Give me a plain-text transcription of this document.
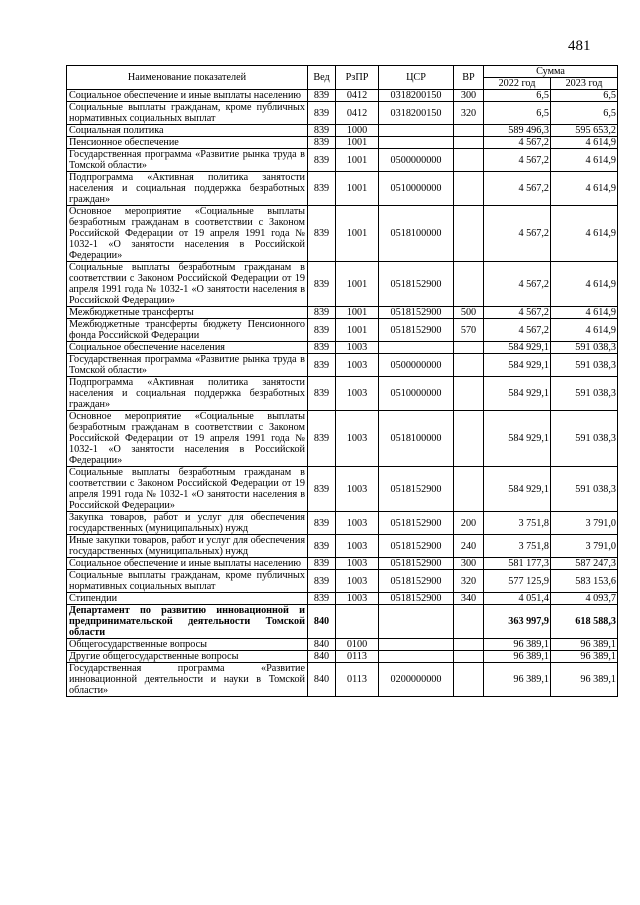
481
Наименование показателей	Вед	РзПР	ЦСР	ВР	Сумма	
					2022 год	2023 год
Социальное обеспечение и иные выплаты населению	839	0412	0318200150	300	6,5	6,5
Социальные выплаты гражданам, кроме публичных нормативных социальных выплат	839	0412	0318200150	320	6,5	6,5
Социальная политика	839	1000			589 496,3	595 653,2
Пенсионное обеспечение	839	1001			4 567,2	4 614,9
Государственная программа «Развитие рынка труда в Томской области»	839	1001	0500000000		4 567,2	4 614,9
Подпрограмма «Активная политика занятости населения и социальная поддержка безработных граждан»	839	1001	0510000000		4 567,2	4 614,9
Основное мероприятие «Социальные выплаты безработным гражданам в соответствии с Законом Российской Федерации от 19 апреля 1991 года № 1032-1 «О занятости населения в Российской Федерации»	839	1001	0518100000		4 567,2	4 614,9
Социальные выплаты безработным гражданам в соответствии с Законом Российской Федерации от 19 апреля 1991 года № 1032-1 «О занятости населения в Российской Федерации»	839	1001	0518152900		4 567,2	4 614,9
Межбюджетные трансферты	839	1001	0518152900	500	4 567,2	4 614,9
Межбюджетные трансферты бюджету Пенсионного фонда Российской Федерации	839	1001	0518152900	570	4 567,2	4 614,9
Социальное обеспечение населения	839	1003			584 929,1	591 038,3
Государственная программа «Развитие рынка труда в Томской области»	839	1003	0500000000		584 929,1	591 038,3
Подпрограмма «Активная политика занятости населения и социальная поддержка безработных граждан»	839	1003	0510000000		584 929,1	591 038,3
Основное мероприятие «Социальные выплаты безработным гражданам в соответствии с Законом Российской Федерации от 19 апреля 1991 года № 1032-1 «О занятости населения в Российской Федерации»	839	1003	0518100000		584 929,1	591 038,3
Социальные выплаты безработным гражданам в соответствии с Законом Российской Федерации от 19 апреля 1991 года № 1032-1 «О занятости населения в Российской Федерации»	839	1003	0518152900		584 929,1	591 038,3
Закупка товаров, работ и услуг для обеспечения государственных (муниципальных) нужд	839	1003	0518152900	200	3 751,8	3 791,0
Иные закупки товаров, работ и услуг для обеспечения государственных (муниципальных) нужд	839	1003	0518152900	240	3 751,8	3 791,0
Социальное обеспечение и иные выплаты населению	839	1003	0518152900	300	581 177,3	587 247,3
Социальные выплаты гражданам, кроме публичных нормативных социальных выплат	839	1003	0518152900	320	577 125,9	583 153,6
Стипендии	839	1003	0518152900	340	4 051,4	4 093,7
Департамент по развитию инновационной и предпринимательской деятельности Томской области	840				363 997,9	618 588,3
Общегосударственные вопросы	840	0100			96 389,1	96 389,1
Другие общегосударственные вопросы	840	0113			96 389,1	96 389,1
Государственная программа «Развитие инновационной деятельности и науки в Томской области»	840	0113	0200000000		96 389,1	96 389,1
